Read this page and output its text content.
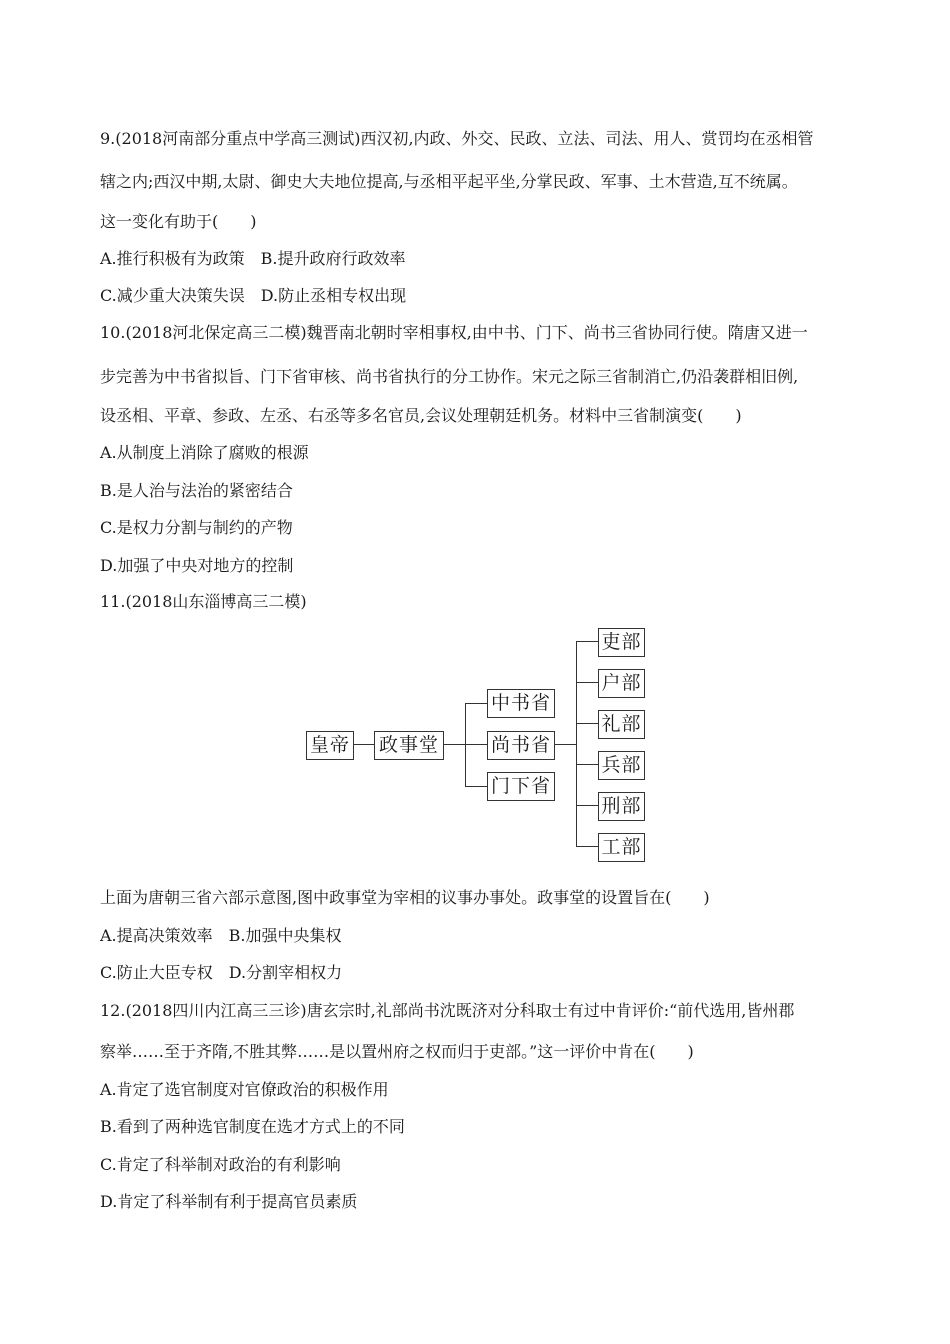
9.(2018河南部分重点中学高三测试)西汉初,内政、外交、民政、立法、司法、用人、赏罚均在丞相管
辖之内;西汉中期,太尉、御史大夫地位提高,与丞相平起平坐,分掌民政、军事、土木营造,互不统属。
这一变化有助于(　　)
A.推行积极有为政策　B.提升政府行政效率
C.减少重大决策失误　D.防止丞相专权出现
10.(2018河北保定高三二模)魏晋南北朝时宰相事权,由中书、门下、尚书三省协同行使。隋唐又进一
步完善为中书省拟旨、门下省审核、尚书省执行的分工协作。宋元之际三省制消亡,仍沿袭群相旧例,
设丞相、平章、参政、左丞、右丞等多名官员,会议处理朝廷机务。材料中三省制演变(　　)
A.从制度上消除了腐败的根源
B.是人治与法治的紧密结合
C.是权力分割与制约的产物
D.加强了中央对地方的控制
11.(2018山东淄博高三二模)
皇帝 政事堂
中书省
尚书省
门下省
吏部
户部
礼部
兵部
刑部
工部
上面为唐朝三省六部示意图,图中政事堂为宰相的议事办事处。政事堂的设置旨在(　　)
A.提高决策效率　B.加强中央集权
C.防止大臣专权　D.分割宰相权力
12.(2018四川内江高三三诊)唐玄宗时,礼部尚书沈既济对分科取士有过中肯评价:“前代选用,皆州郡
察举……至于齐隋,不胜其弊……是以置州府之权而归于吏部。”这一评价中肯在(　　)
A.肯定了选官制度对官僚政治的积极作用
B.看到了两种选官制度在选才方式上的不同
C.肯定了科举制对政治的有利影响
D.肯定了科举制有利于提高官员素质
